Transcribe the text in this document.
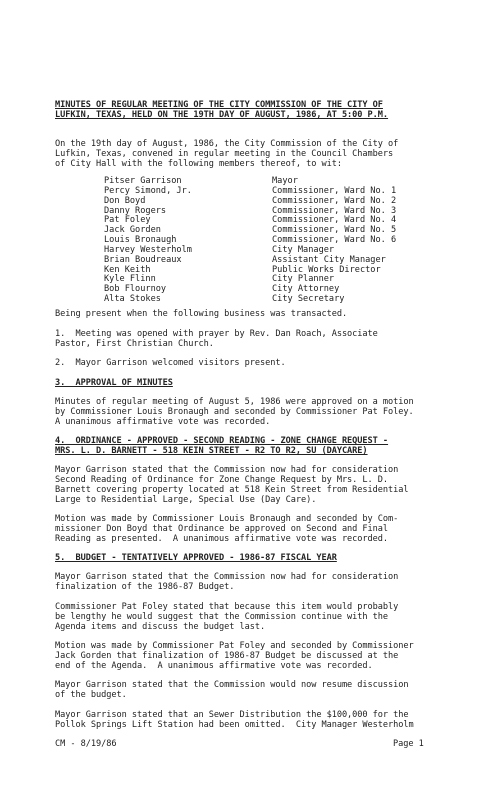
MINUTES OF REGULAR MEETING OF THE CITY COMMISSION OF THE CITY OF
LUFKIN, TEXAS, HELD ON THE 19TH DAY OF AUGUST, 1986, AT 5:00 P.M.
On the 19th day of August, 1986, the City Commission of the City of
Lufkin, Texas, convened in regular meeting in the Council Chambers
of City Hall with the following members thereof, to wit:
Pitser Garrison	Mayor
Percy Simond, Jr.	Commissioner, Ward No. 1
Don Boyd	Commissioner, Ward No. 2
Danny Rogers	Commissioner, Ward No. 3
Pat Foley	Commissioner, Ward No. 4
Jack Gorden	Commissioner, Ward No. 5
Louis Bronaugh	Commissioner, Ward No. 6
Harvey Westerholm	City Manager
Brian Boudreaux	Assistant City Manager
Ken Keith	Public Works Director
Kyle Flinn	City Planner
Bob Flournoy	City Attorney
Alta Stokes	City Secretary
Being present when the following business was transacted.
1.  Meeting was opened with prayer by Rev. Dan Roach, Associate
Pastor, First Christian Church.
2.  Mayor Garrison welcomed visitors present.
3.  APPROVAL OF MINUTES
Minutes of regular meeting of August 5, 1986 were approved on a motion
by Commissioner Louis Bronaugh and seconded by Commissioner Pat Foley.
A unanimous affirmative vote was recorded.
4.  ORDINANCE - APPROVED - SECOND READING - ZONE CHANGE REQUEST -
MRS. L. D. BARNETT - 518 KEIN STREET - R2 TO R2, SU (DAYCARE)
Mayor Garrison stated that the Commission now had for consideration
Second Reading of Ordinance for Zone Change Request by Mrs. L. D.
Barnett covering property located at 518 Kein Street from Residential
Large to Residential Large, Special Use (Day Care).
Motion was made by Commissioner Louis Bronaugh and seconded by Com-
missioner Don Boyd that Ordinance be approved on Second and Final
Reading as presented.  A unanimous affirmative vote was recorded.
5.  BUDGET - TENTATIVELY APPROVED - 1986-87 FISCAL YEAR
Mayor Garrison stated that the Commission now had for consideration
finalization of the 1986-87 Budget.
Commissioner Pat Foley stated that because this item would probably
be lengthy he would suggest that the Commission continue with the
Agenda items and discuss the budget last.
Motion was made by Commissioner Pat Foley and seconded by Commissioner
Jack Gorden that finalization of 1986-87 Budget be discussed at the
end of the Agenda.  A unanimous affirmative vote was recorded.
Mayor Garrison stated that the Commission would now resume discussion
of the budget.
Mayor Garrison stated that an Sewer Distribution the $100,000 for the
Pollok Springs Lift Station had been omitted.  City Manager Westerholm
CM - 8/19/86	Page 1
